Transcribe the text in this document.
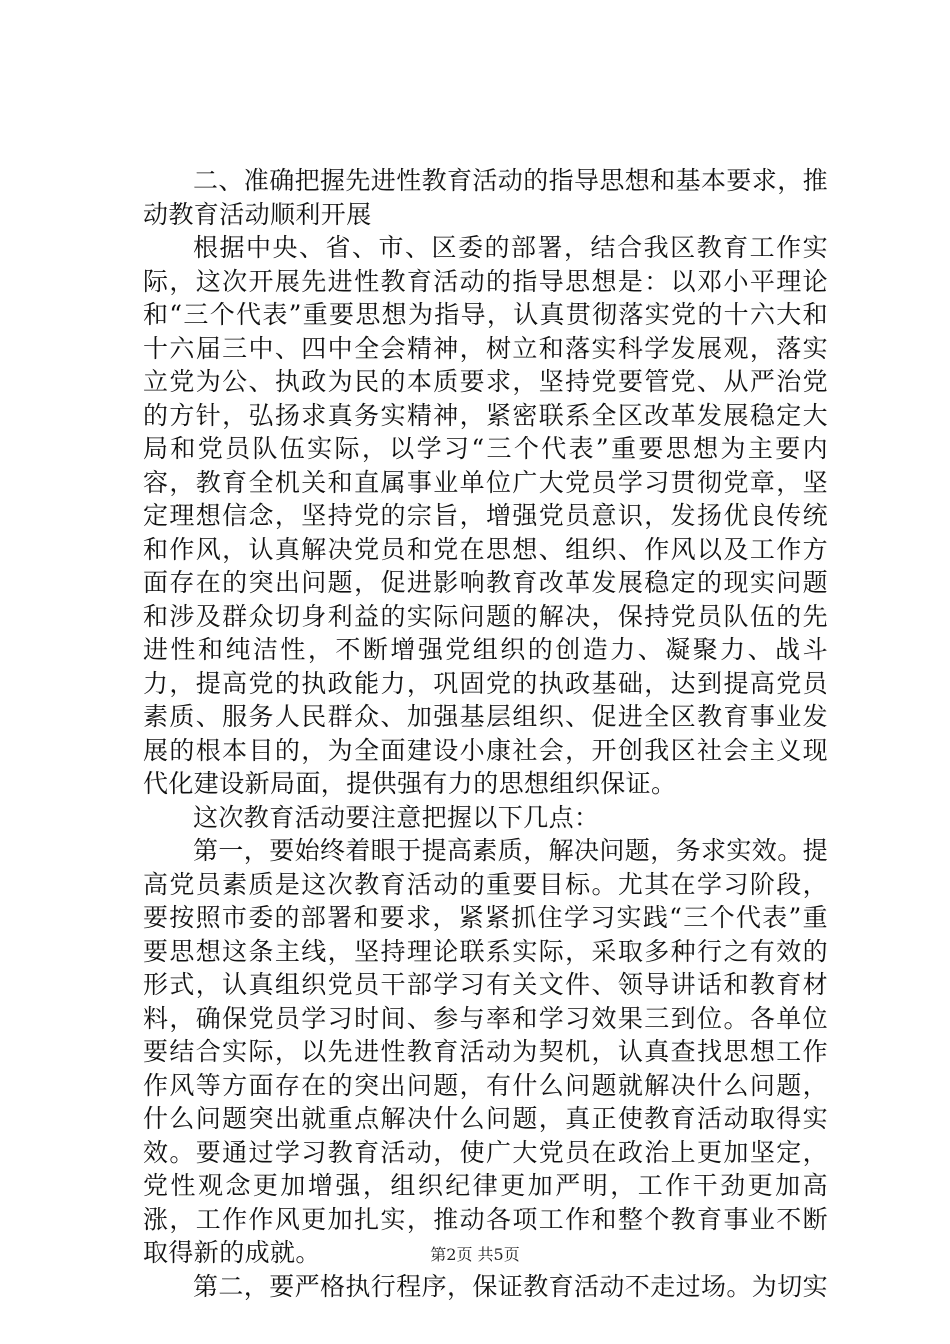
二、准确把握先进性教育活动的指导思想和基本要求，推动教育活动顺利开展

根据中央、省、市、区委的部署，结合我区教育工作实际，这次开展先进性教育活动的指导思想是：以邓小平理论和“三个代表”重要思想为指导，认真贯彻落实党的十六大和十六届三中、四中全会精神，树立和落实科学发展观，落实立党为公、执政为民的本质要求，坚持党要管党、从严治党的方针，弘扬求真务实精神，紧密联系全区改革发展稳定大局和党员队伍实际，以学习“三个代表”重要思想为主要内容，教育全机关和直属事业单位广大党员学习贯彻党章，坚定理想信念，坚持党的宗旨，增强党员意识，发扬优良传统和作风，认真解决党员和党在思想、组织、作风以及工作方面存在的突出问题，促进影响教育改革发展稳定的现实问题和涉及群众切身利益的实际问题的解决，保持党员队伍的先进性和纯洁性，不断增强党组织的创造力、凝聚力、战斗力，提高党的执政能力，巩固党的执政基础，达到提高党员素质、服务人民群众、加强基层组织、促进全区教育事业发展的根本目的，为全面建设小康社会，开创我区社会主义现代化建设新局面，提供强有力的思想组织保证。

这次教育活动要注意把握以下几点：

第一，要始终着眼于提高素质，解决问题，务求实效。提高党员素质是这次教育活动的重要目标。尤其在学习阶段，要按照市委的部署和要求，紧紧抓住学习实践“三个代表”重要思想这条主线，坚持理论联系实际，采取多种行之有效的形式，认真组织党员干部学习有关文件、领导讲话和教育材料，确保党员学习时间、参与率和学习效果三到位。各单位要结合实际，以先进性教育活动为契机，认真查找思想工作作风等方面存在的突出问题，有什么问题就解决什么问题，什么问题突出就重点解决什么问题，真正使教育活动取得实效。要通过学习教育活动，使广大党员在政治上更加坚定，党性观念更加增强，组织纪律更加严明，工作干劲更加高涨，工作作风更加扎实，推动各项工作和整个教育事业不断取得新的成就。

第二，要严格执行程序，保证教育活动不走过场。为切实

第2页 共5页
